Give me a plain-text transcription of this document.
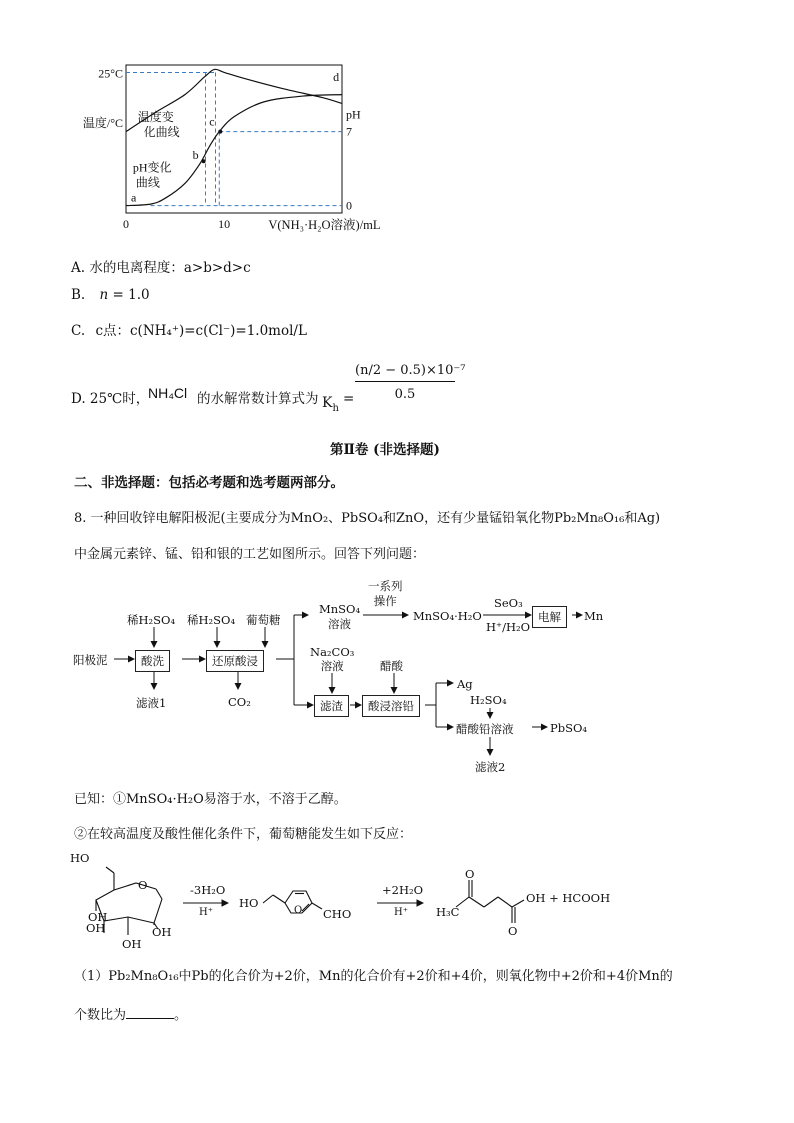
a
b
c
d
温度变
化曲线
pH变化
曲线
25°C
温度/°C
pH
7
0
0	10	V(NH₃·H₂O溶液)/mL
A. 水的电离程度：a>b>d>c
B. n = 1.0
C. c点：c(NH₄⁺)=c(Cl⁻)=1.0mol/L
D. 25℃时，
NH₄Cl 的水解常数计算式为 $K_h$
=
(n/2 − 0.5)×10⁻⁷
0.5
第Ⅱ卷 (非选择题)
二、非选择题：包括必考题和选考题两部分。
8. 一种回收锌电解阳极泥(主要成分为MnO₂、PbSO₄和ZnO，还有少量锰铅氧化物Pb₂Mn₈O₁₆和Ag)
中金属元素锌、锰、铅和银的工艺如图所示。回答下列问题：
阳极泥
稀H₂SO₄ 稀H₂SO₄ 葡萄糖
酸洗	还原酸浸
滤液1	CO₂
MnSO₄
溶液
一系列
操作
MnSO₄·H₂O
SeO₃
H⁺/H₂O
电解	Mn
Na₂CO₃
溶液	醋酸
滤渣	酸浸溶铅
Ag
H₂SO₄
醋酸铅溶液	PbSO₄
滤液2
已知：①MnSO₄·H₂O易溶于水，不溶于乙醇。
②在较高温度及酸性催化条件下，葡萄糖能发生如下反应：
HO
O
OH
OH
OH	OH
-3H₂O
H⁺
HO
O CHO
+2H₂O
H⁺
O
H₃C
OH + HCOOH
O
（1）Pb₂Mn₈O₁₆中Pb的化合价为+2价，Mn的化合价有+2价和+4价，则氧化物中+2价和+4价Mn的
个数比为	。
